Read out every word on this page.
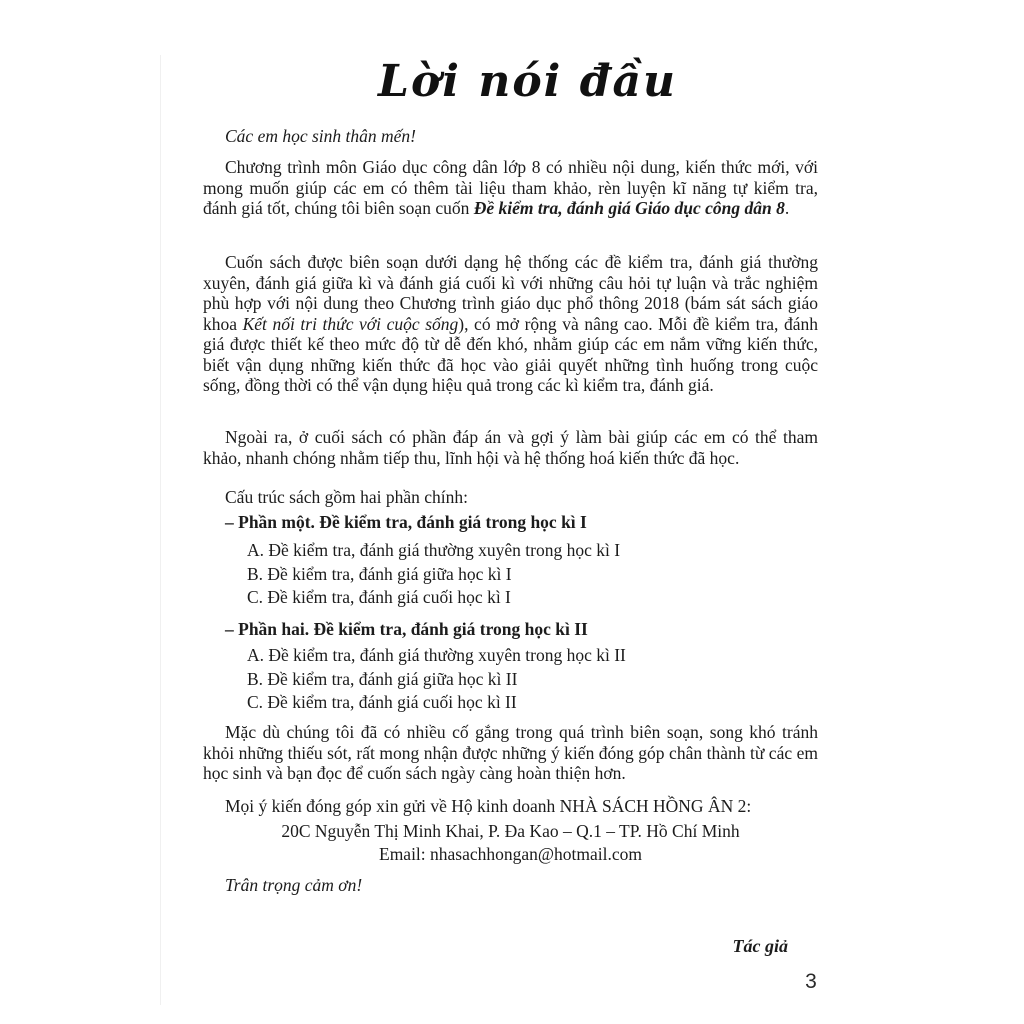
Lời nói đầu

Các em học sinh thân mến!

Chương trình môn Giáo dục công dân lớp 8 có nhiều nội dung, kiến thức mới, với mong muốn giúp các em có thêm tài liệu tham khảo, rèn luyện kĩ năng tự kiểm tra, đánh giá tốt, chúng tôi biên soạn cuốn Đề kiểm tra, đánh giá Giáo dục công dân 8.

Cuốn sách được biên soạn dưới dạng hệ thống các đề kiểm tra, đánh giá thường xuyên, đánh giá giữa kì và đánh giá cuối kì với những câu hỏi tự luận và trắc nghiệm phù hợp với nội dung theo Chương trình giáo dục phổ thông 2018 (bám sát sách giáo khoa Kết nối tri thức với cuộc sống), có mở rộng và nâng cao. Mỗi đề kiểm tra, đánh giá được thiết kế theo mức độ từ dễ đến khó, nhằm giúp các em nắm vững kiến thức, biết vận dụng những kiến thức đã học vào giải quyết những tình huống trong cuộc sống, đồng thời có thể vận dụng hiệu quả trong các kì kiểm tra, đánh giá.

Ngoài ra, ở cuối sách có phần đáp án và gợi ý làm bài giúp các em có thể tham khảo, nhanh chóng nhằm tiếp thu, lĩnh hội và hệ thống hoá kiến thức đã học.

Cấu trúc sách gồm hai phần chính:

– Phần một. Đề kiểm tra, đánh giá trong học kì I

A. Đề kiểm tra, đánh giá thường xuyên trong học kì I
B. Đề kiểm tra, đánh giá giữa học kì I
C. Đề kiểm tra, đánh giá cuối học kì I

– Phần hai. Đề kiểm tra, đánh giá trong học kì II

A. Đề kiểm tra, đánh giá thường xuyên trong học kì II
B. Đề kiểm tra, đánh giá giữa học kì II
C. Đề kiểm tra, đánh giá cuối học kì II

Mặc dù chúng tôi đã có nhiều cố gắng trong quá trình biên soạn, song khó tránh khỏi những thiếu sót, rất mong nhận được những ý kiến đóng góp chân thành từ các em học sinh và bạn đọc để cuốn sách ngày càng hoàn thiện hơn.

Mọi ý kiến đóng góp xin gửi về Hộ kinh doanh NHÀ SÁCH HỒNG ÂN 2:

20C Nguyễn Thị Minh Khai, P. Đa Kao – Q.1 – TP. Hồ Chí Minh

Email: nhasachhongan@hotmail.com

Trân trọng cảm ơn!

Tác giả

3
